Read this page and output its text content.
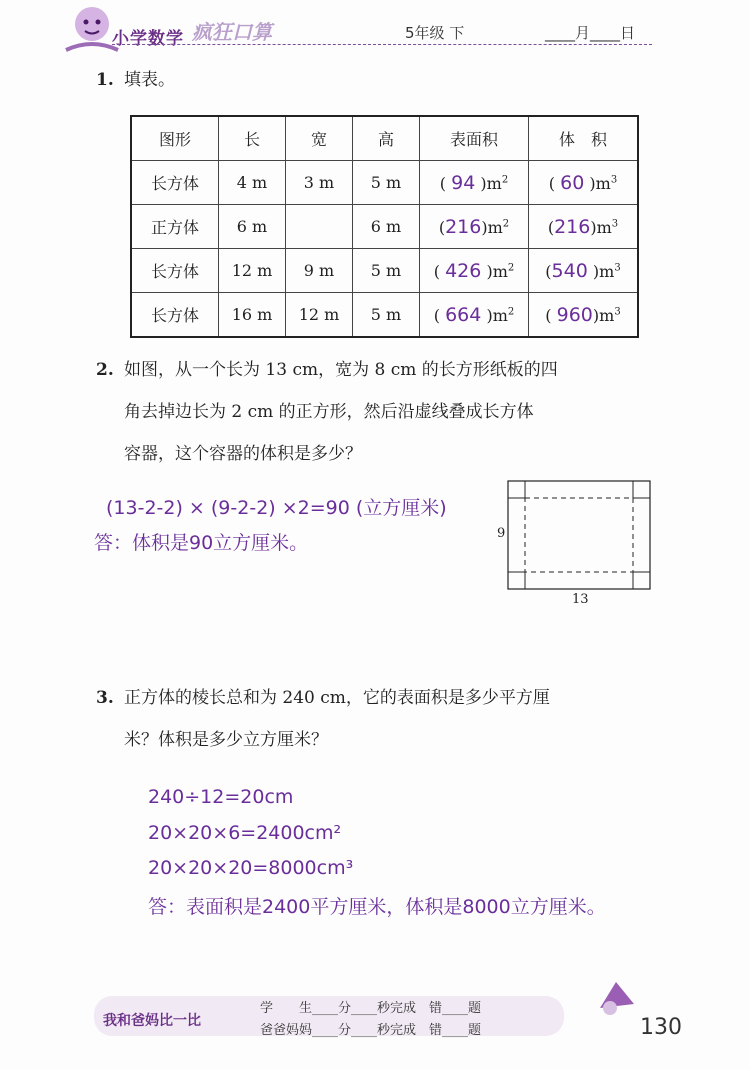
小学数学 疯狂口算	5年级 下	____月____日
1. 填表。
图形	长	宽	高	表面积	体　积
长方体	4 m	3 m	5 m	( 94 )$m^2$	( 60 )$m^3$
正方体	6 m		6 m	$(216)m^2$	$(216)m^3$
长方体	12 m	9 m	5 m	( 426 )$m^2$	(540 )$m^3$
长方体	16 m	12 m	5 m	( 664 )$m^2$	( $960)m^3$
2. 如图，从一个长为 13 cm，宽为 8 cm 的长方形纸板的四
角去掉边长为 2 cm 的正方形，然后沿虚线叠成长方体
容器，这个容器的体积是多少？
(13-2-2) × (9-2-2) ×2=90 (立方厘米)
答：体积是90立方厘米。	9
13
3. 正方体的棱长总和为 240 cm，它的表面积是多少平方厘
米？体积是多少立方厘米？
240÷12=20cm
20×20×6=2400cm²
20×20×20=8000cm³
答：表面积是2400平方厘米，体积是8000立方厘米。
我和爸妈比一比
学　　生____分____秒完成　错____题
爸爸妈妈____分____秒完成　错____题	130
